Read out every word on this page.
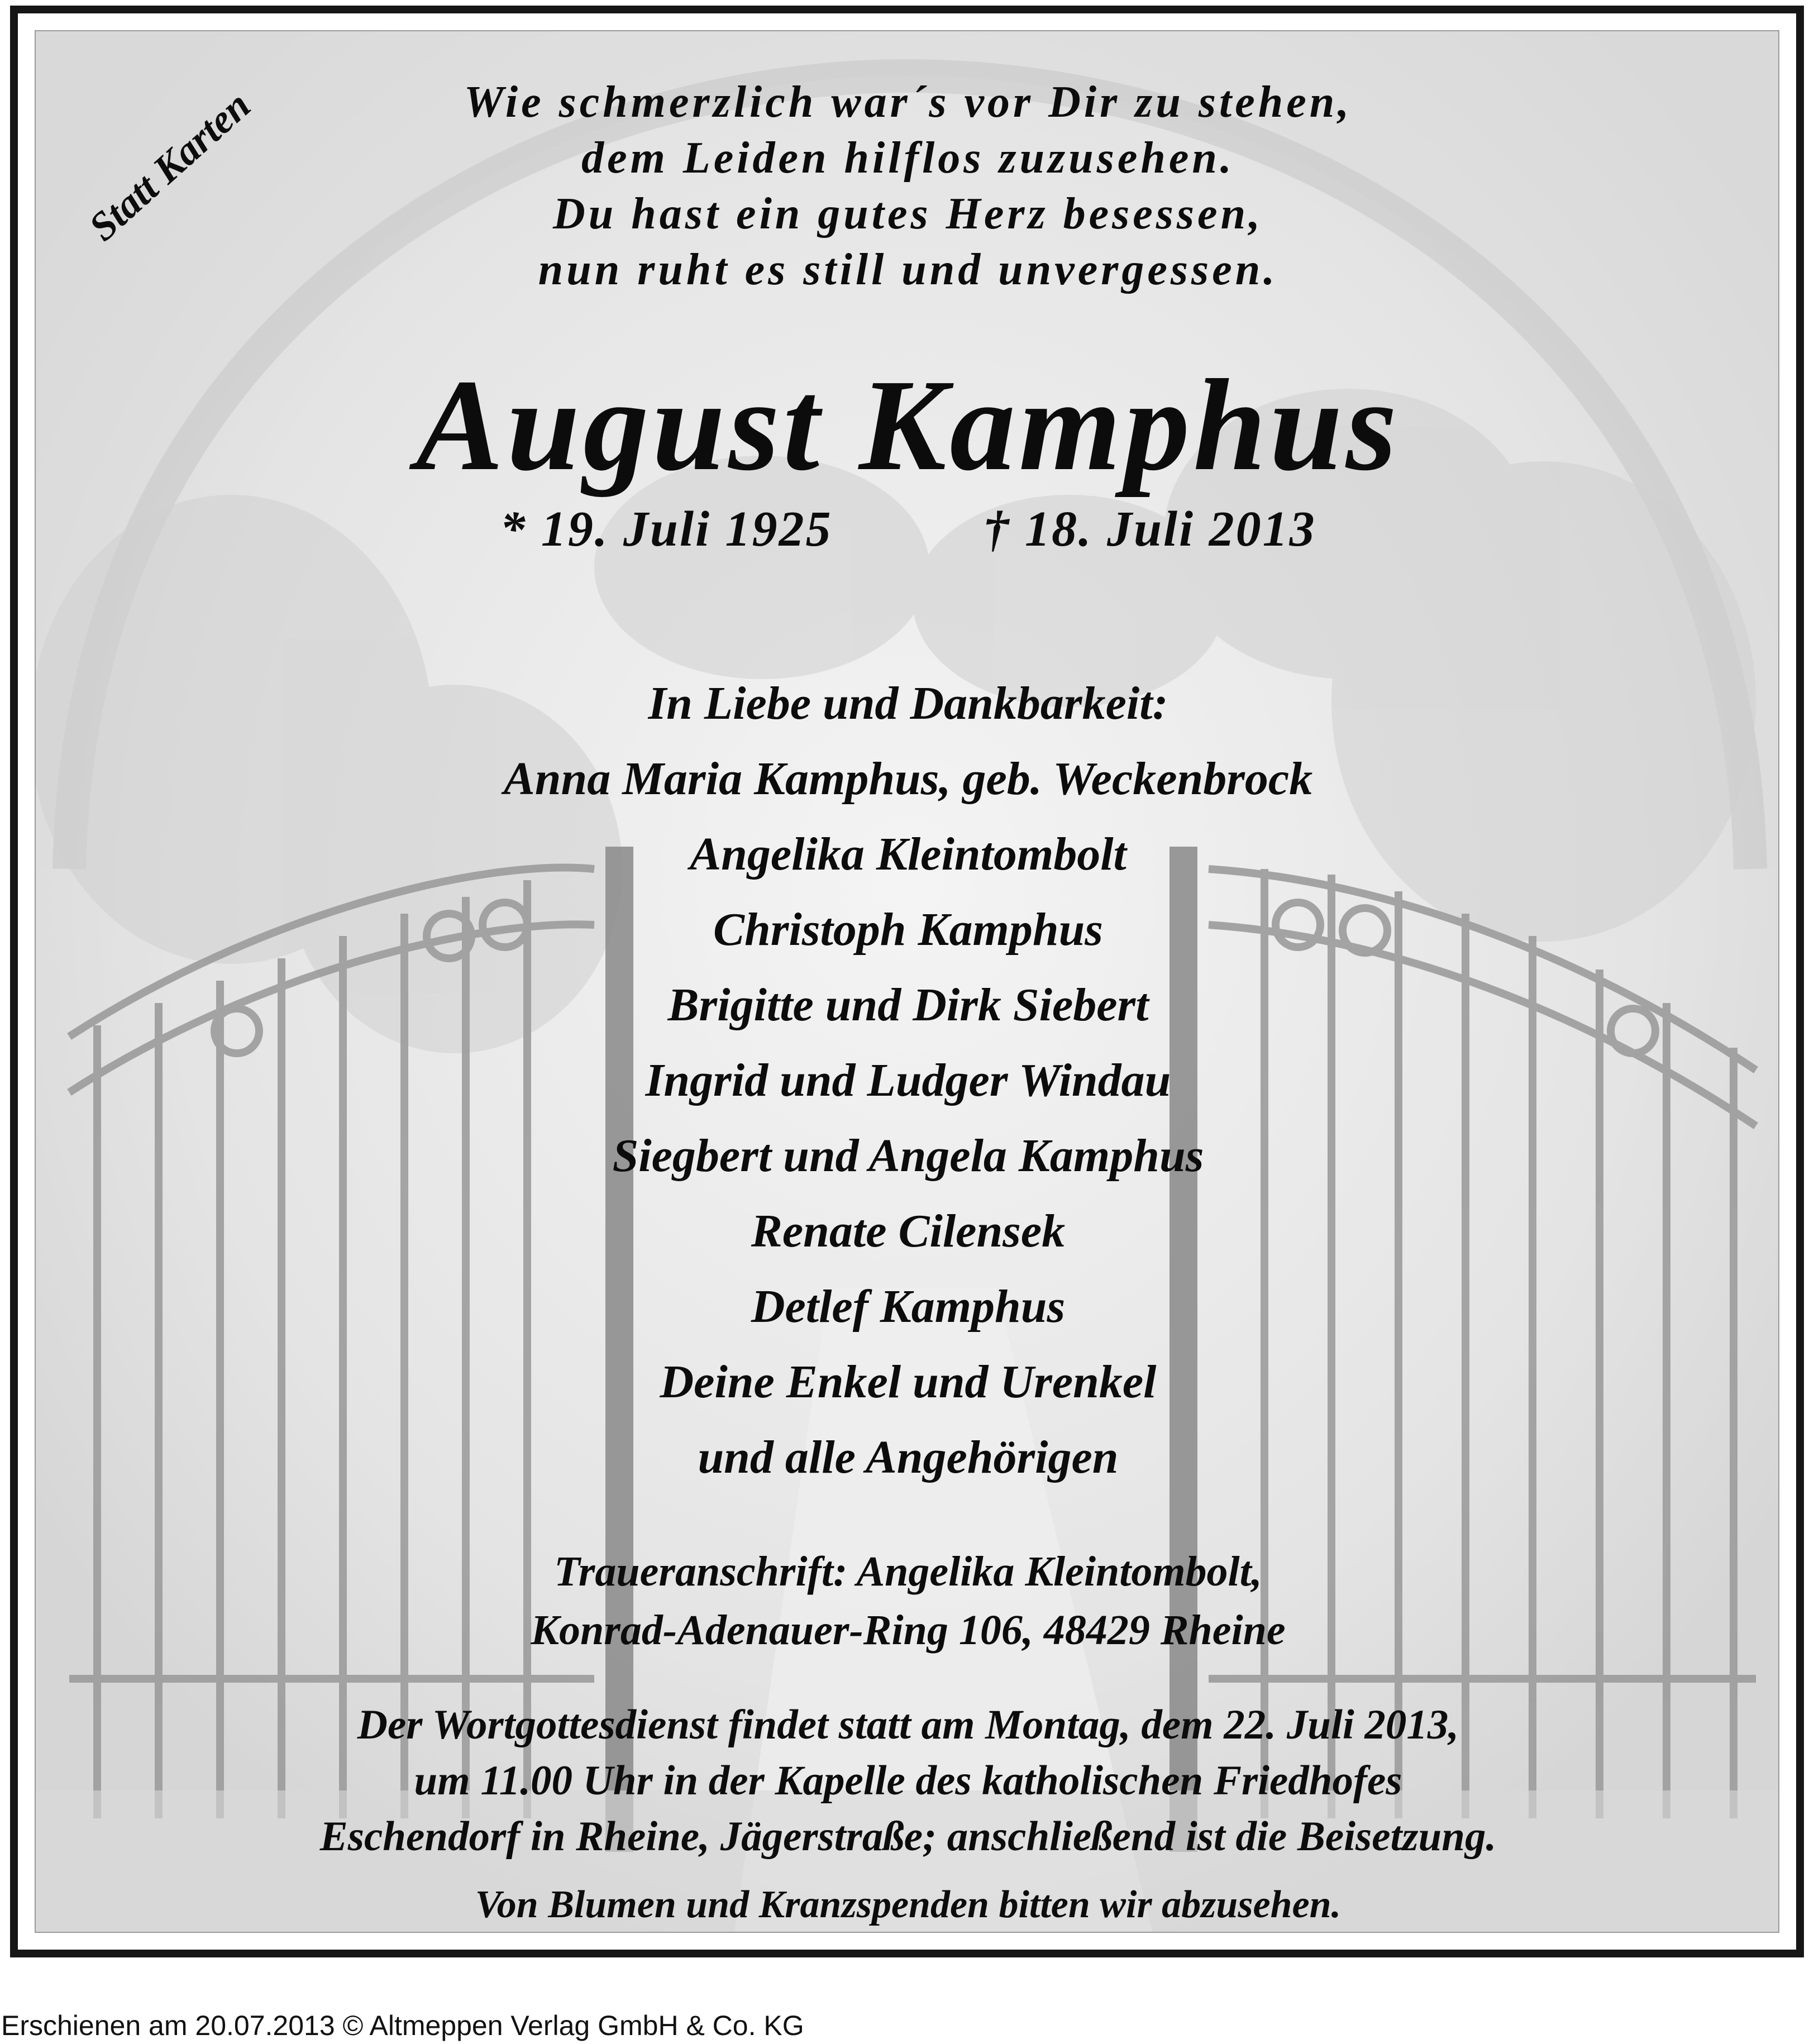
Statt Karten	Wie schmerzlich war´s vor Dir zu stehen,

dem Leiden hilflos zuzusehen.

Du hast ein gutes Herz besessen,

nun ruht es still und unvergessen.

August Kamphus

* 19. Juli 1925	† 18. Juli 2013

In Liebe und Dankbarkeit:

Anna Maria Kamphus, geb. Weckenbrock

Angelika Kleintombolt

Christoph Kamphus

Brigitte und Dirk Siebert

Ingrid und Ludger Windau

Siegbert und Angela Kamphus

Renate Cilensek

Detlef Kamphus

Deine Enkel und Urenkel

und alle Angehörigen

Traueranschrift: Angelika Kleintombolt,

Konrad-Adenauer-Ring 106, 48429 Rheine

Der Wortgottesdienst findet statt am Montag, dem 22. Juli 2013,

um 11.00 Uhr in der Kapelle des katholischen Friedhofes

Eschendorf in Rheine, Jägerstraße; anschließend ist die Beisetzung.

Von Blumen und Kranzspenden bitten wir abzusehen.

Erschienen am 20.07.2013 © Altmeppen Verlag GmbH & Co. KG
